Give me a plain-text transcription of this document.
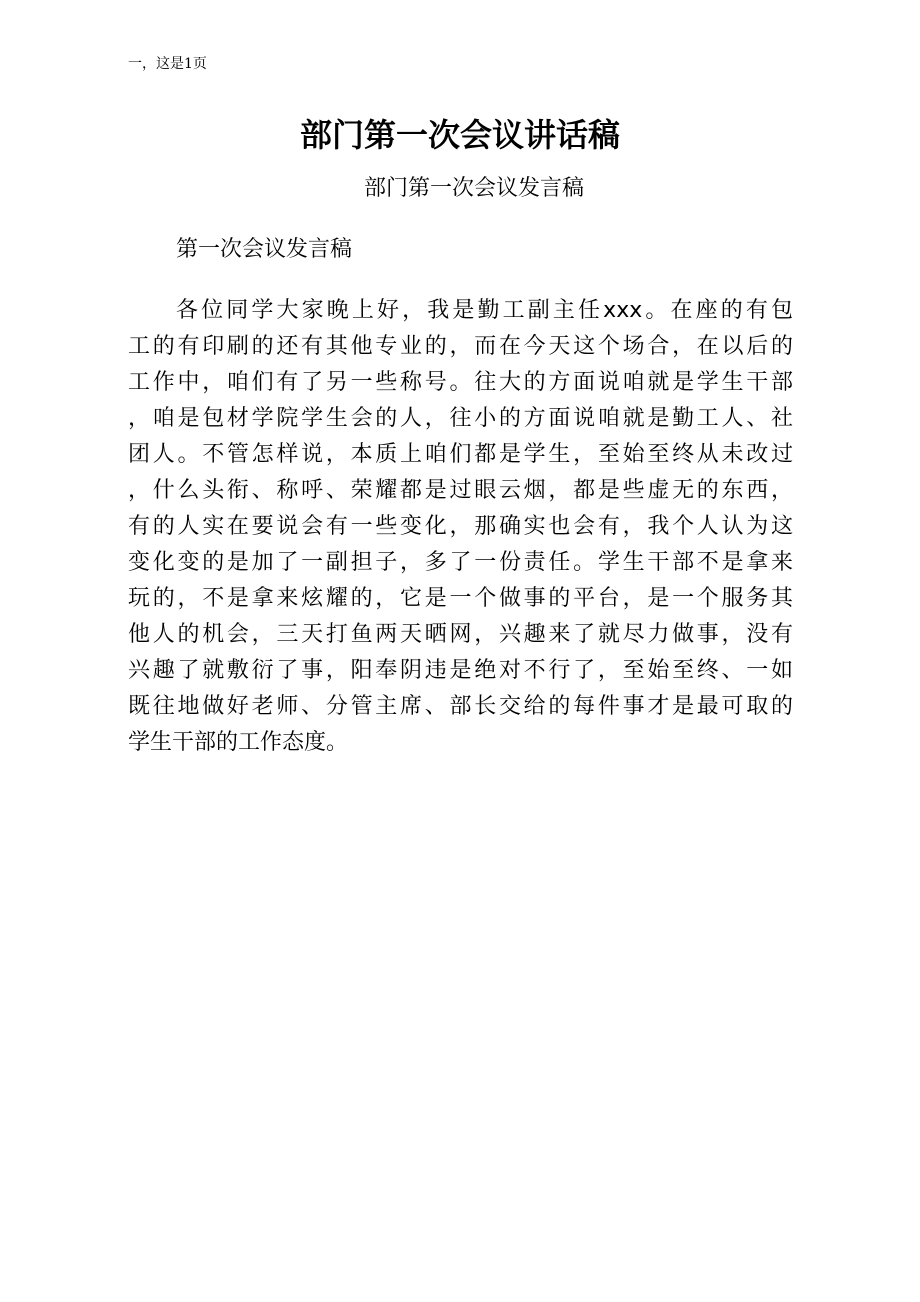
一，这是1页
部门第一次会议讲话稿
部门第一次会议发言稿
第一次会议发言稿
各位同学大家晚上好，我是勤工副主任xxx。在座的有包
工的有印刷的还有其他专业的，而在今天这个场合，在以后的
工作中，咱们有了另一些称号。往大的方面说咱就是学生干部
，咱是包材学院学生会的人，往小的方面说咱就是勤工人、社
团人。不管怎样说，本质上咱们都是学生，至始至终从未改过
，什么头衔、称呼、荣耀都是过眼云烟，都是些虚无的东西，
有的人实在要说会有一些变化，那确实也会有，我个人认为这
变化变的是加了一副担子，多了一份责任。学生干部不是拿来
玩的，不是拿来炫耀的，它是一个做事的平台，是一个服务其
他人的机会，三天打鱼两天晒网，兴趣来了就尽力做事，没有
兴趣了就敷衍了事，阳奉阴违是绝对不行了，至始至终、一如
既往地做好老师、分管主席、部长交给的每件事才是最可取的
学生干部的工作态度。
